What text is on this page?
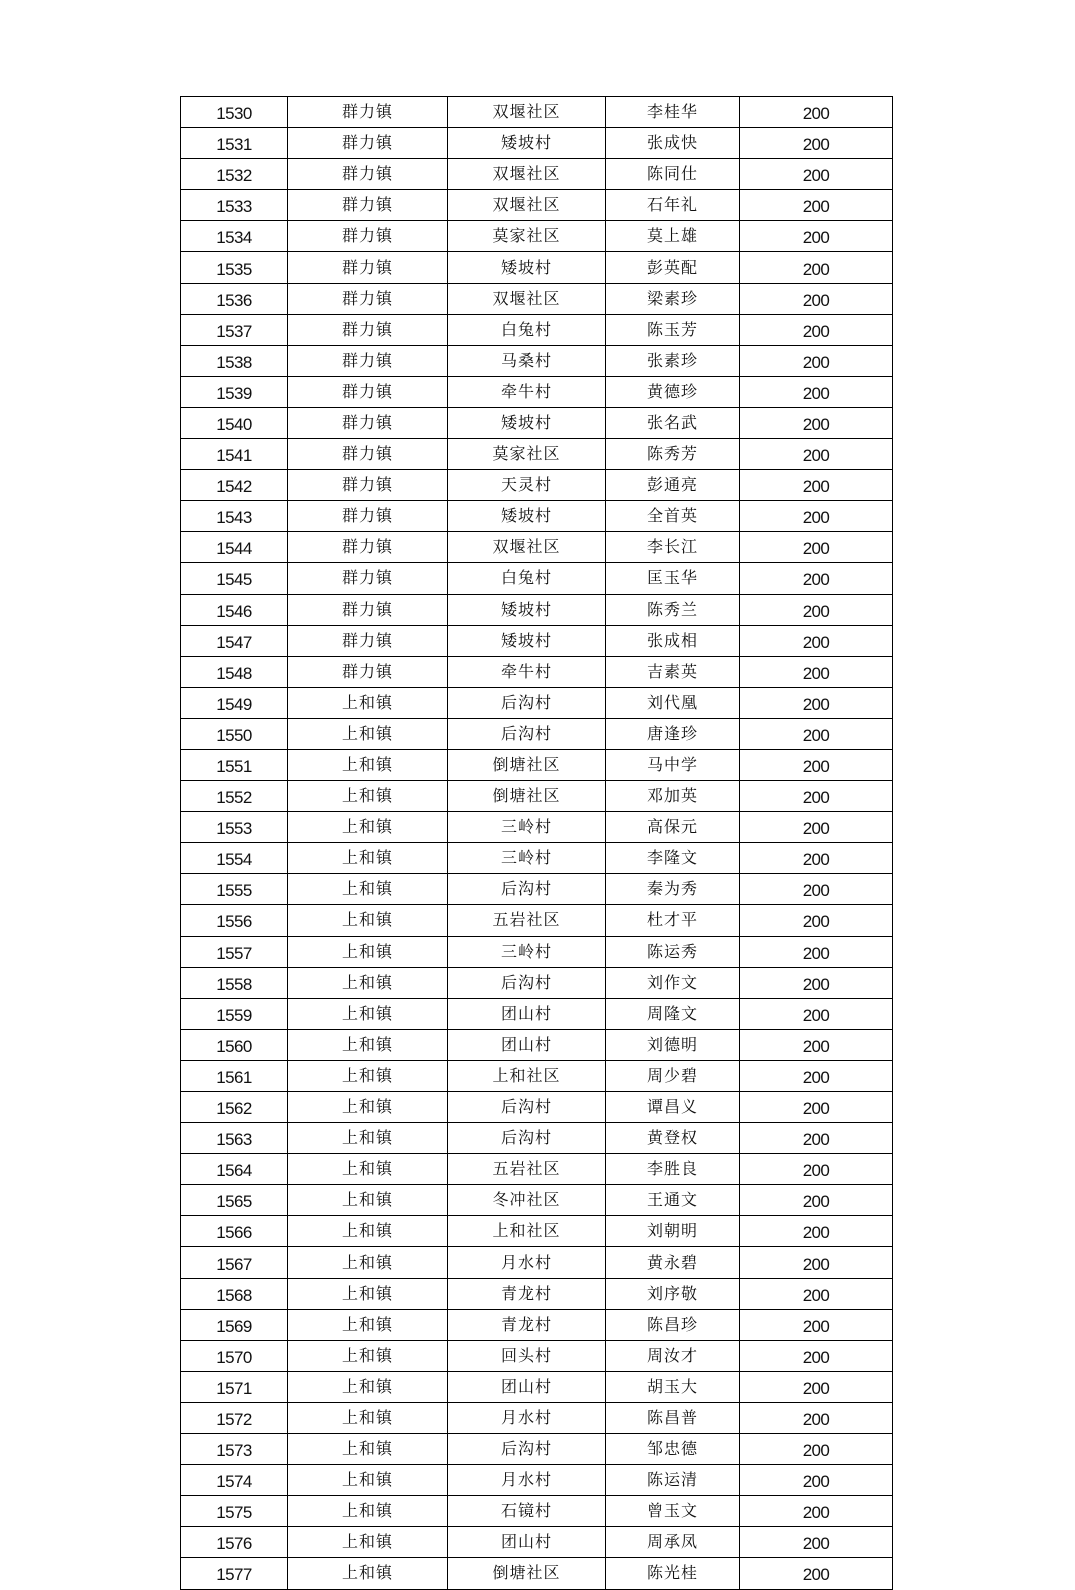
1530	群力镇	双堰社区	李桂华	200
1531	群力镇	矮坡村	张成快	200
1532	群力镇	双堰社区	陈同仕	200
1533	群力镇	双堰社区	石年礼	200
1534	群力镇	莫家社区	莫上雄	200
1535	群力镇	矮坡村	彭英配	200
1536	群力镇	双堰社区	梁素珍	200
1537	群力镇	白兔村	陈玉芳	200
1538	群力镇	马桑村	张素珍	200
1539	群力镇	牵牛村	黄德珍	200
1540	群力镇	矮坡村	张名武	200
1541	群力镇	莫家社区	陈秀芳	200
1542	群力镇	天灵村	彭通亮	200
1543	群力镇	矮坡村	全首英	200
1544	群力镇	双堰社区	李长江	200
1545	群力镇	白兔村	匡玉华	200
1546	群力镇	矮坡村	陈秀兰	200
1547	群力镇	矮坡村	张成相	200
1548	群力镇	牵牛村	吉素英	200
1549	上和镇	后沟村	刘代凰	200
1550	上和镇	后沟村	唐逢珍	200
1551	上和镇	倒塘社区	马中学	200
1552	上和镇	倒塘社区	邓加英	200
1553	上和镇	三岭村	高保元	200
1554	上和镇	三岭村	李隆文	200
1555	上和镇	后沟村	秦为秀	200
1556	上和镇	五岩社区	杜才平	200
1557	上和镇	三岭村	陈运秀	200
1558	上和镇	后沟村	刘作文	200
1559	上和镇	团山村	周隆文	200
1560	上和镇	团山村	刘德明	200
1561	上和镇	上和社区	周少碧	200
1562	上和镇	后沟村	谭昌义	200
1563	上和镇	后沟村	黄登权	200
1564	上和镇	五岩社区	李胜良	200
1565	上和镇	冬冲社区	王通文	200
1566	上和镇	上和社区	刘朝明	200
1567	上和镇	月水村	黄永碧	200
1568	上和镇	青龙村	刘序敬	200
1569	上和镇	青龙村	陈昌珍	200
1570	上和镇	回头村	周汝才	200
1571	上和镇	团山村	胡玉大	200
1572	上和镇	月水村	陈昌普	200
1573	上和镇	后沟村	邹忠德	200
1574	上和镇	月水村	陈运清	200
1575	上和镇	石镜村	曾玉文	200
1576	上和镇	团山村	周承凤	200
1577	上和镇	倒塘社区	陈光桂	200
